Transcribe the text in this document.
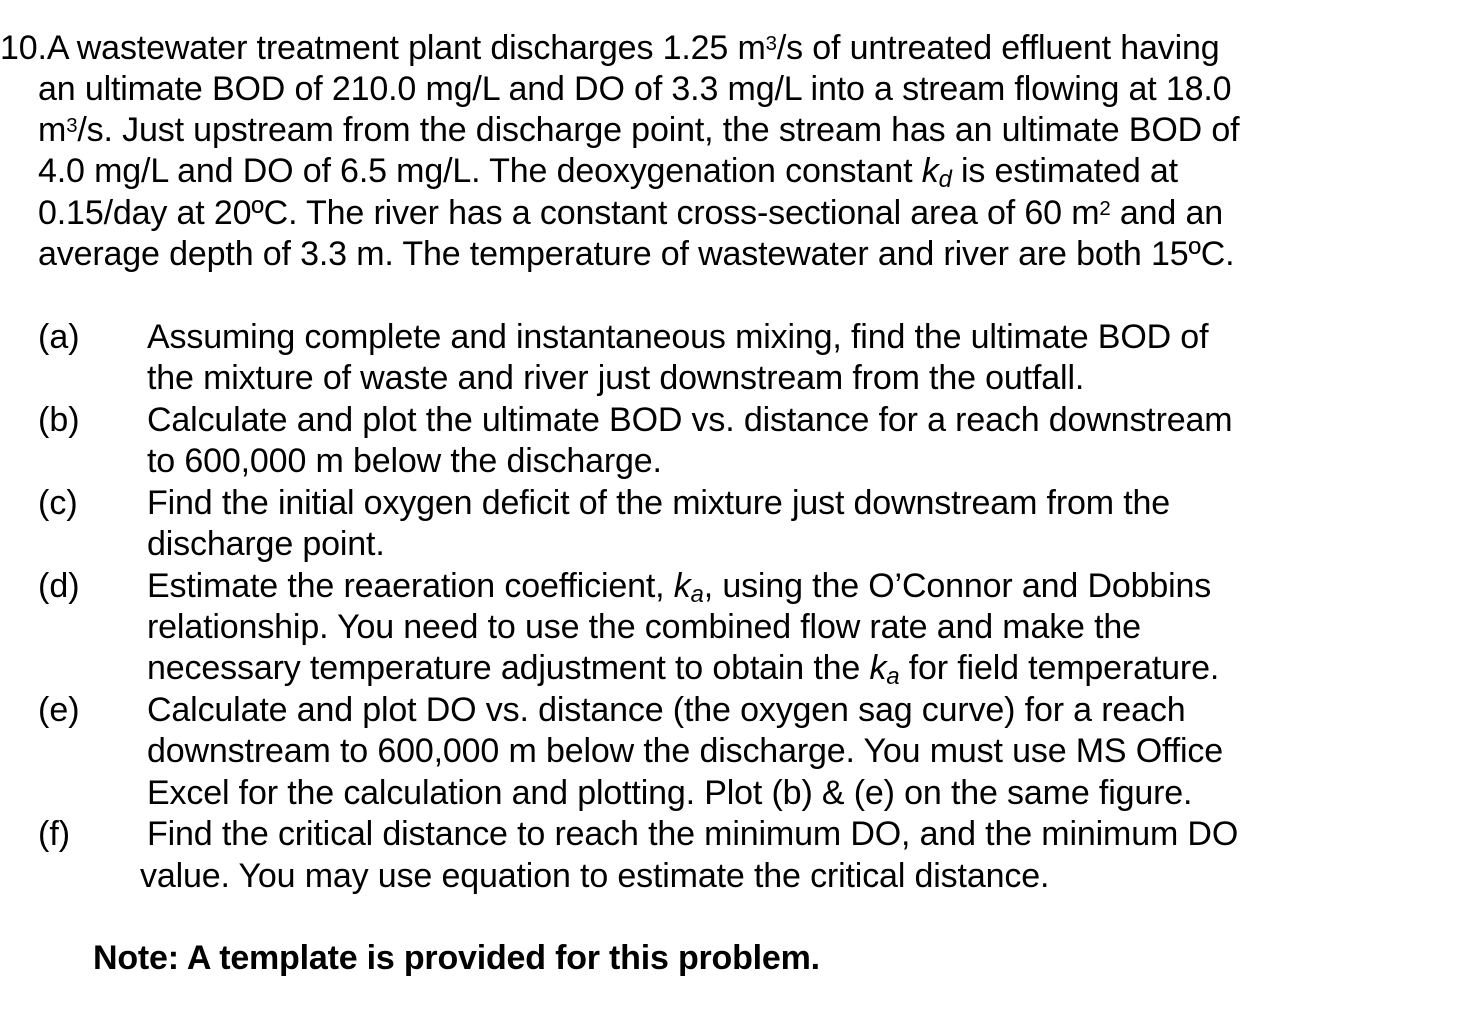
10.A wastewater treatment plant discharges 1.25 $m^3/s$ of untreated effluent having
an ultimate BOD of 210.0 mg/L and DO of 3.3 mg/L into a stream flowing at 18.0
$m^3/s$. Just upstream from the discharge point, the stream has an ultimate BOD of
4.0 mg/L and DO of 6.5 mg/L. The deoxygenation constant kd is estimated at
0.15/day at 20ºC. The river has a constant cross-sectional area of 60 $m^2$ and an
average depth of 3.3 m. The temperature of wastewater and river are both 15ºC.
(a) Assuming complete and instantaneous mixing, find the ultimate BOD of
the mixture of waste and river just downstream from the outfall.
(b) Calculate and plot the ultimate BOD vs. distance for a reach downstream
to 600,000 m below the discharge.
(c) Find the initial oxygen deficit of the mixture just downstream from the
discharge point.
(d) Estimate the reaeration coefficient, ka, using the O’Connor and Dobbins
relationship. You need to use the combined flow rate and make the
necessary temperature adjustment to obtain the ka for field temperature.
(e) Calculate and plot DO vs. distance (the oxygen sag curve) for a reach
downstream to 600,000 m below the discharge. You must use MS Office
Excel for the calculation and plotting. Plot (b) & (e) on the same figure.
(f) Find the critical distance to reach the minimum DO, and the minimum DO
value. You may use equation to estimate the critical distance.
Note: A template is provided for this problem.
